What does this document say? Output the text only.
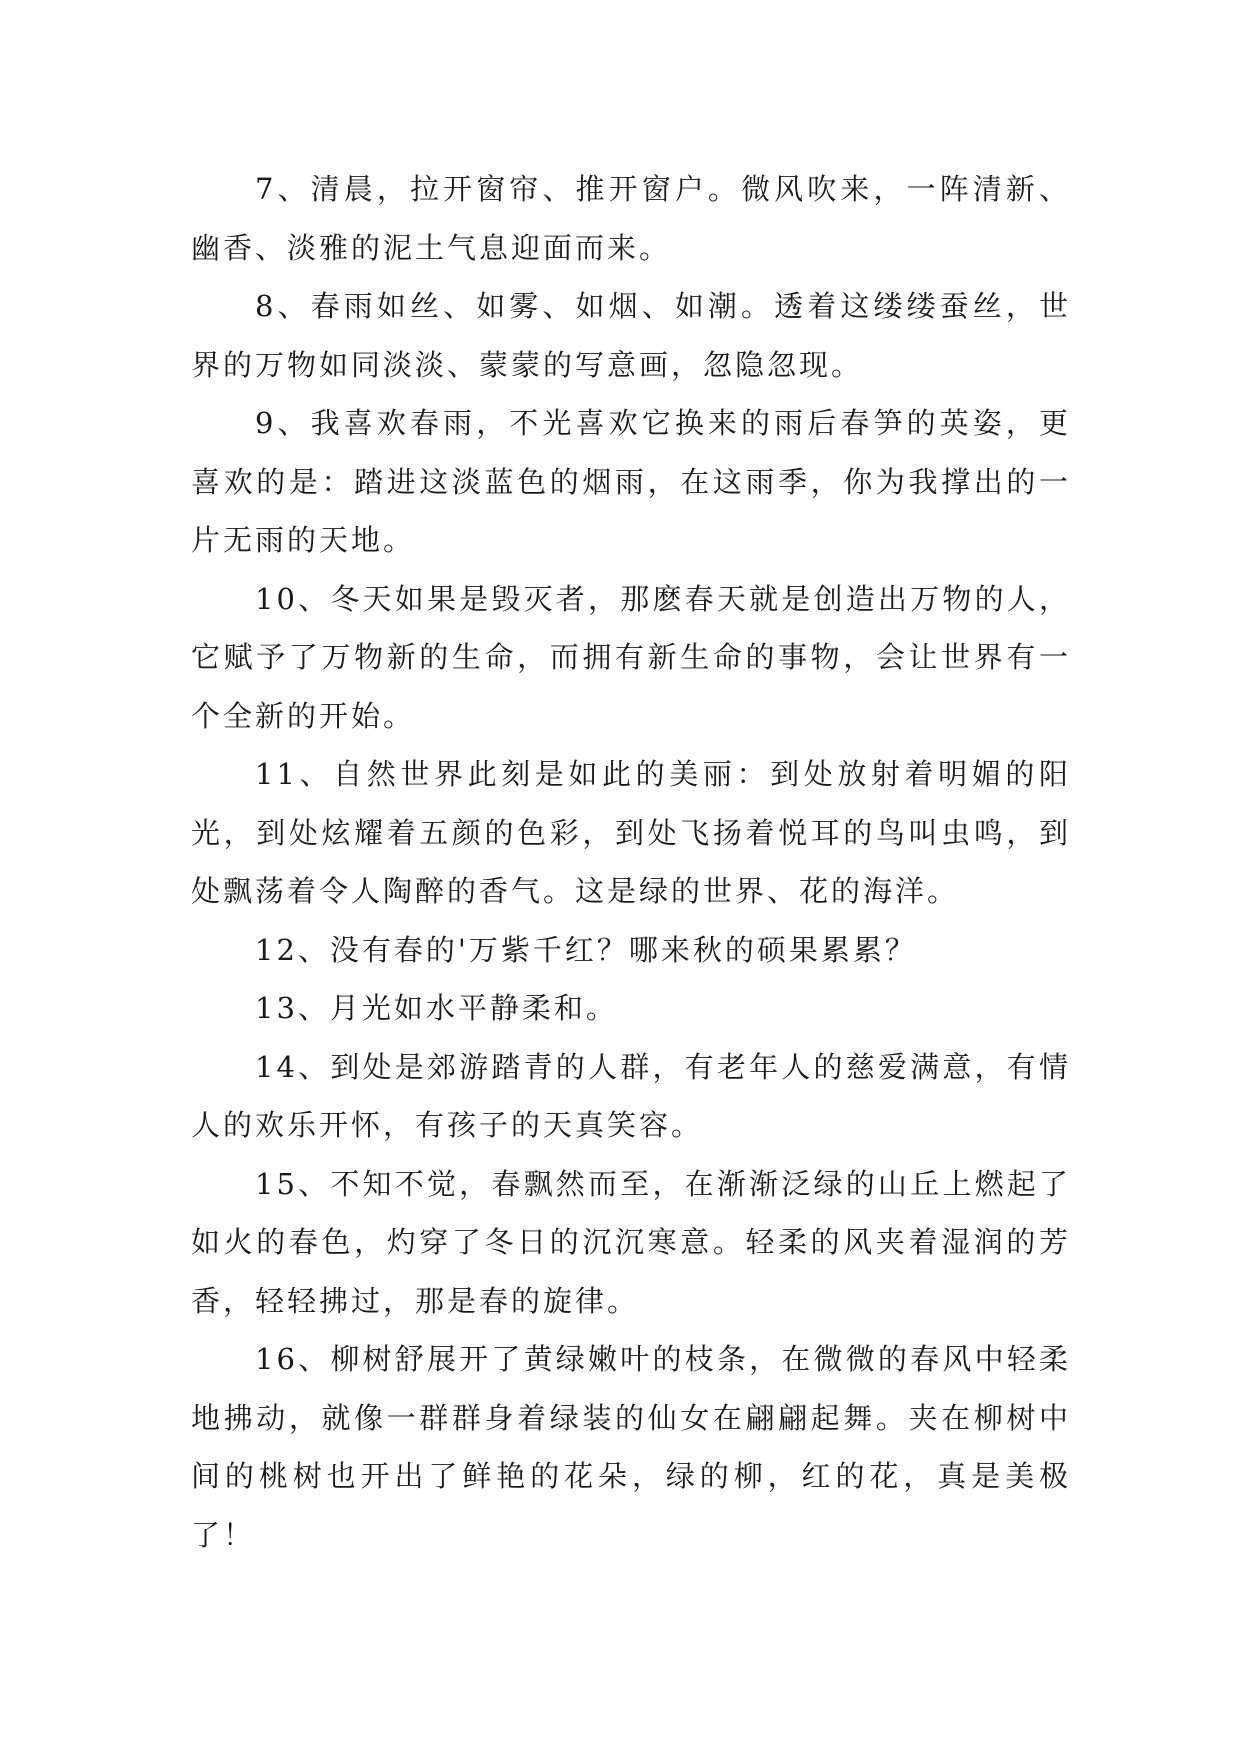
7、清晨，拉开窗帘、推开窗户。微风吹来，一阵清新、幽香、淡雅的泥土气息迎面而来。

8、春雨如丝、如雾、如烟、如潮。透着这缕缕蚕丝，世界的万物如同淡淡、蒙蒙的写意画，忽隐忽现。

9、我喜欢春雨，不光喜欢它换来的雨后春笋的英姿，更喜欢的是：踏进这淡蓝色的烟雨，在这雨季，你为我撑出的一片无雨的天地。

10、冬天如果是毁灭者，那麽春天就是创造出万物的人，它赋予了万物新的生命，而拥有新生命的事物，会让世界有一个全新的开始。

11、自然世界此刻是如此的美丽：到处放射着明媚的阳光，到处炫耀着五颜的色彩，到处飞扬着悦耳的鸟叫虫鸣，到处飘荡着令人陶醉的香气。这是绿的世界、花的海洋。

12、没有春的'万紫千红？哪来秋的硕果累累？

13、月光如水平静柔和。

14、到处是郊游踏青的人群，有老年人的慈爱满意，有情人的欢乐开怀，有孩子的天真笑容。

15、不知不觉，春飘然而至，在渐渐泛绿的山丘上燃起了如火的春色，灼穿了冬日的沉沉寒意。轻柔的风夹着湿润的芳香，轻轻拂过，那是春的旋律。

16、柳树舒展开了黄绿嫩叶的枝条，在微微的春风中轻柔地拂动，就像一群群身着绿装的仙女在翩翩起舞。夹在柳树中间的桃树也开出了鲜艳的花朵，绿的柳，红的花，真是美极了！
